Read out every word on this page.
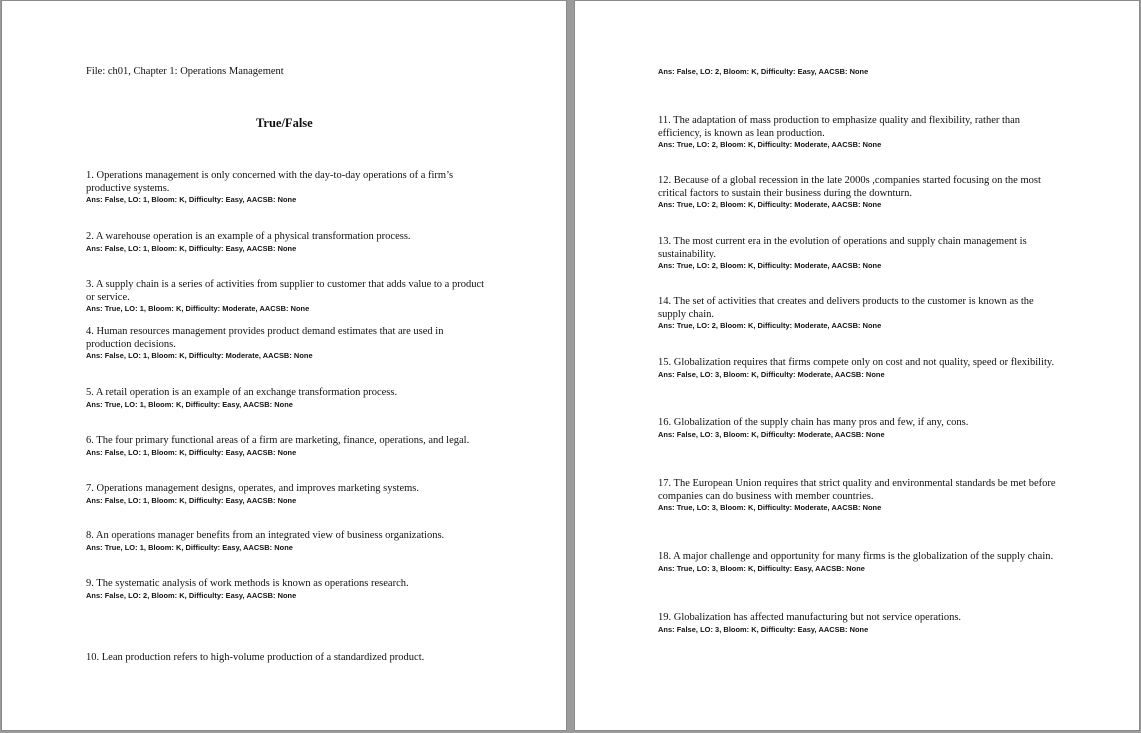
File: ch01, Chapter 1: Operations Management
True/False
1. Operations management is only concerned with the day-to-day operations of a firm’s productive systems.
Ans: False, LO: 1, Bloom: K, Difficulty: Easy, AACSB: None
2. A warehouse operation is an example of a physical transformation process.
Ans: False, LO: 1, Bloom: K, Difficulty: Easy, AACSB: None
3. A supply chain is a series of activities from supplier to customer that adds value to a product or service.
Ans: True, LO: 1, Bloom: K, Difficulty: Moderate, AACSB: None
4. Human resources management provides product demand estimates that are used in production decisions.
Ans: False, LO: 1, Bloom: K, Difficulty: Moderate, AACSB: None
5. A retail operation is an example of an exchange transformation process.
Ans: True, LO: 1, Bloom: K, Difficulty: Easy, AACSB: None
6. The four primary functional areas of a firm are marketing, finance, operations, and legal.
Ans: False, LO: 1, Bloom: K, Difficulty: Easy, AACSB: None
7. Operations management designs, operates, and improves marketing systems.
Ans: False, LO: 1, Bloom: K, Difficulty: Easy, AACSB: None
8. An operations manager benefits from an integrated view of business organizations.
Ans: True, LO: 1, Bloom: K, Difficulty: Easy, AACSB: None
9. The systematic analysis of work methods is known as operations research.
Ans: False, LO: 2, Bloom: K, Difficulty: Easy, AACSB: None
10. Lean production refers to high-volume production of a standardized product.
Ans: False, LO: 2, Bloom: K, Difficulty: Easy, AACSB: None
11. The adaptation of mass production to emphasize quality and flexibility, rather than efficiency, is known as lean production.
Ans: True, LO: 2, Bloom: K, Difficulty: Moderate, AACSB: None
12. Because of a global recession in the late 2000s ,companies started focusing on the most critical factors to sustain their business during the downturn.
Ans: True, LO: 2, Bloom: K, Difficulty: Moderate, AACSB: None
13. The most current era in the evolution of operations and supply chain management is sustainability.
Ans: True, LO: 2, Bloom: K, Difficulty: Moderate, AACSB: None
14. The set of activities that creates and delivers products to the customer is known as the supply chain.
Ans: True, LO: 2, Bloom: K, Difficulty: Moderate, AACSB: None
15. Globalization requires that firms compete only on cost and not quality, speed or flexibility.
Ans: False, LO: 3, Bloom: K, Difficulty: Moderate, AACSB: None
16. Globalization of the supply chain has many pros and few, if any, cons.
Ans: False, LO: 3, Bloom: K, Difficulty: Moderate, AACSB: None
17. The European Union requires that strict quality and environmental standards be met before companies can do business with member countries.
Ans: True, LO: 3, Bloom: K, Difficulty: Moderate, AACSB: None
18. A major challenge and opportunity for many firms is the globalization of the supply chain.
Ans: True, LO: 3, Bloom: K, Difficulty: Easy, AACSB: None
19. Globalization has affected manufacturing but not service operations.
Ans: False, LO: 3, Bloom: K, Difficulty: Easy, AACSB: None
